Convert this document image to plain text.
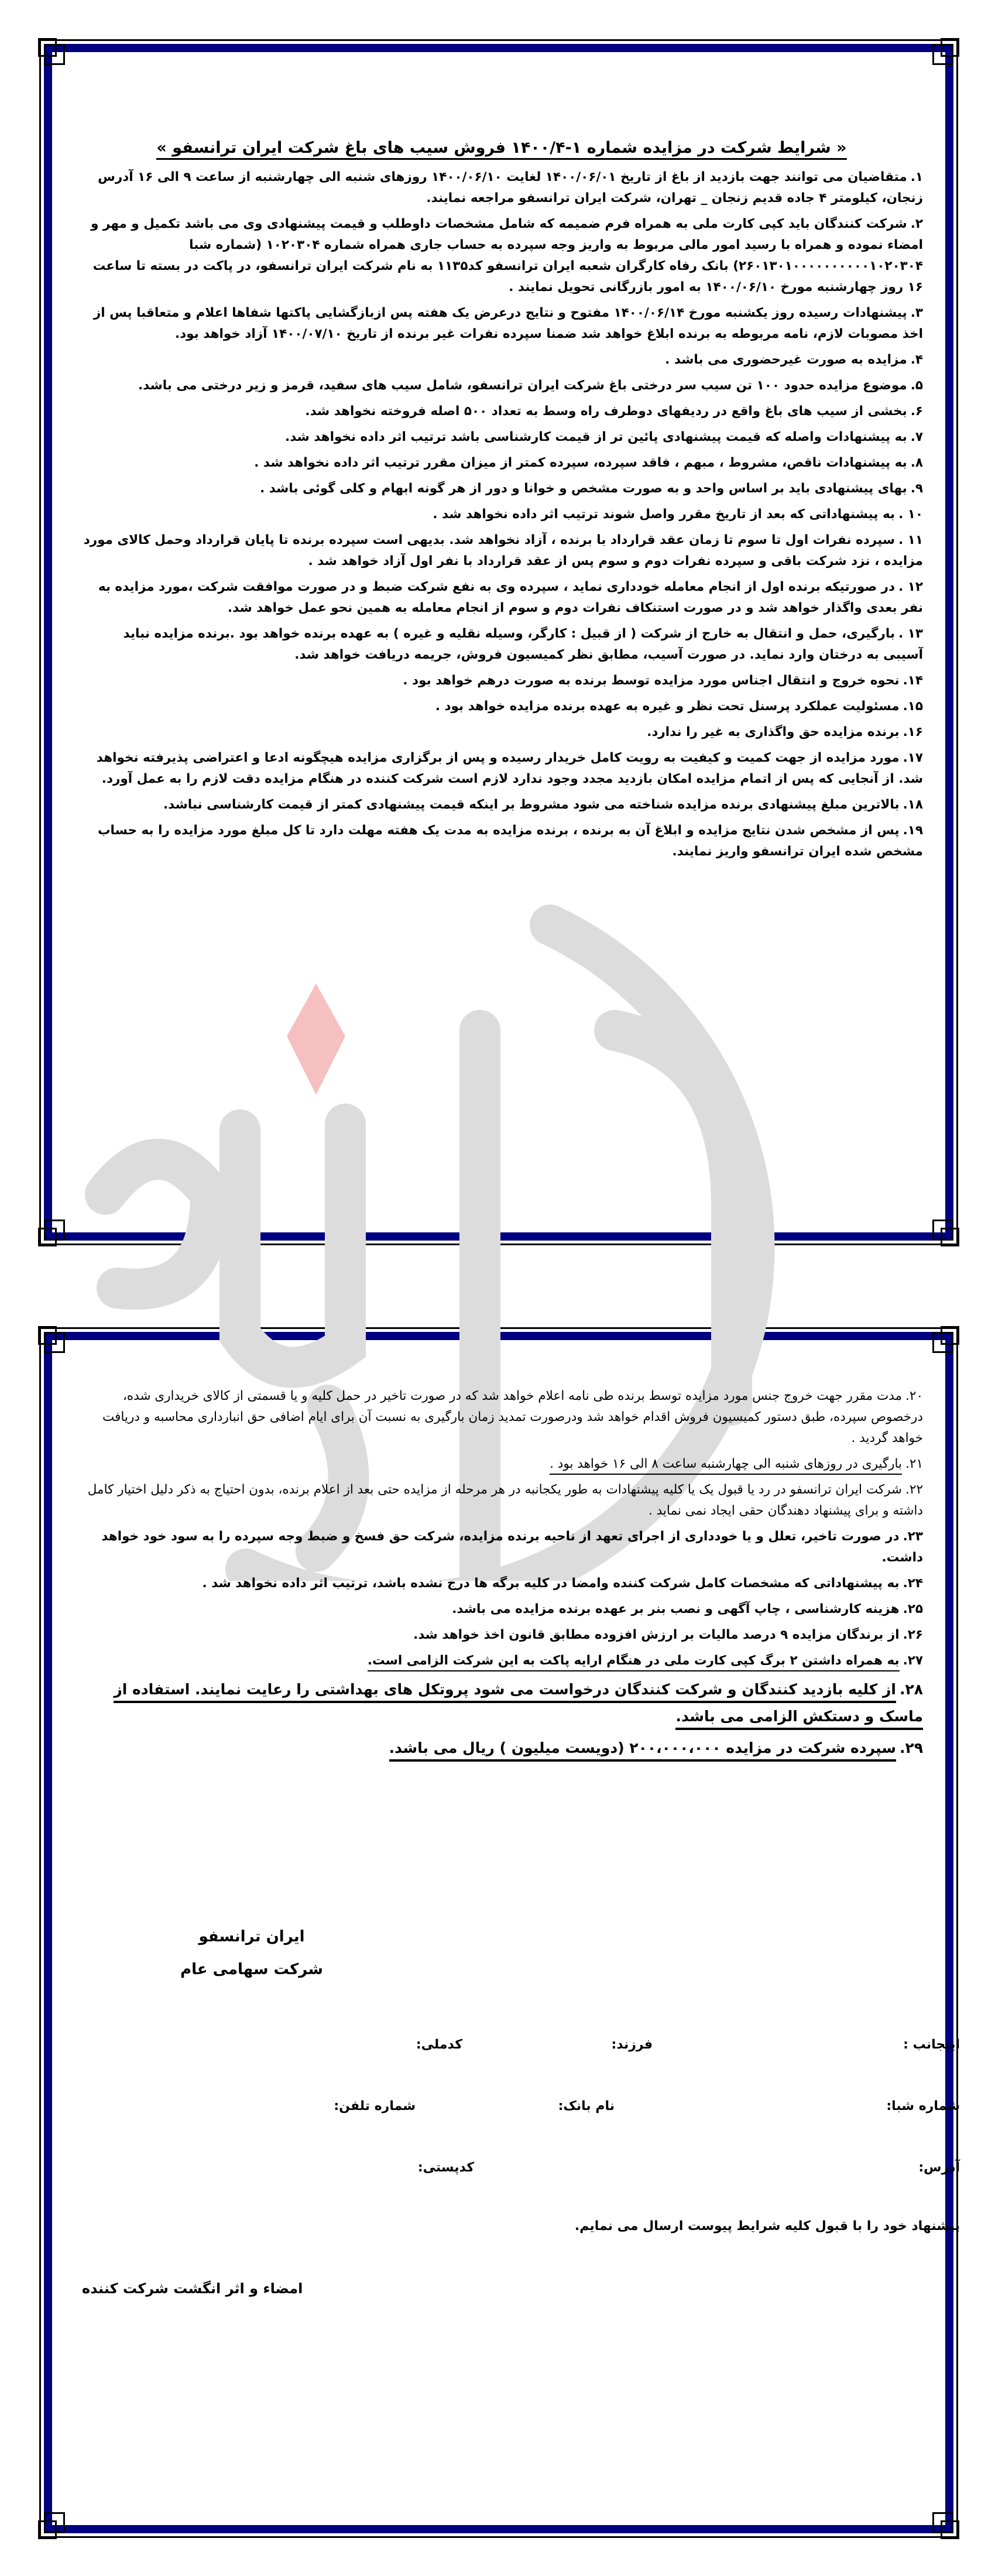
« شرایط شرکت در مزایده شماره ۱-۱۴۰۰/۴ فروش سیب های باغ شرکت ایران ترانسفو »

۱.متقاضیان می توانند جهت بازدید از باغ از تاریخ ۱۴۰۰/۰۶/۰۱ لغایت ۱۴۰۰/۰۶/۱۰ روزهای شنبه الی چهارشنبه از ساعت ۹ الی ۱۶ آدرس زنجان، کیلومتر ۴ جاده قدیم زنجان _ تهران، شرکت ایران ترانسفو مراجعه نمایند.

۲.شرکت کنندگان باید کپی کارت ملی به همراه فرم ضمیمه که شامل مشخصات داوطلب و قیمت پیشنهادی وی می باشد تکمیل و مهر و امضاء نموده و همراه با رسید امور مالی مربوط به واریز وجه سپرده به حساب جاری همراه شماره ۱۰۲۰۳۰۴ (شماره شبا ۲۶۰۱۳۰۱۰۰۰۰۰۰۰۰۰۰۱۰۲۰۳۰۴) بانک رفاه کارگران شعبه ایران ترانسفو کد۱۱۳۵ به نام شرکت ایران ترانسفو، در پاکت در بسته تا ساعت ۱۶ روز چهارشنبه مورخ ۱۴۰۰/۰۶/۱۰ به امور بازرگانی تحویل نمایند .

۳.پیشنهادات رسیده روز یکشنبه مورخ ۱۴۰۰/۰۶/۱۴ مفتوح و نتایج درعرض یک هفته پس ازبازگشایی پاکتها شفاها اعلام و متعاقبا پس از اخذ مصوبات لازم، نامه مربوطه به برنده ابلاغ خواهد شد ضمنا سپرده نفرات غیر برنده از تاریخ ۱۴۰۰/۰۷/۱۰ آزاد خواهد بود.

۴.مزایده به صورت غیرحضوری می باشد .

۵.موضوع مزایده حدود ۱۰۰ تن سیب سر درختی باغ شرکت ایران ترانسفو، شامل سیب های سفید، قرمز و زیر درختی می باشد.

۶.بخشی از سیب های باغ واقع در ردیفهای دوطرف راه وسط به تعداد ۵۰۰ اصله فروخته نخواهد شد.

۷.به پیشنهادات واصله که قیمت پیشنهادی پائین تر از قیمت کارشناسی باشد ترتیب اثر داده نخواهد شد.

۸.به پیشنهادات ناقص، مشروط ، مبهم ، فاقد سپرده، سپرده کمتر از میزان مقرر ترتیب اثر داده نخواهد شد .

۹.بهای پیشنهادی باید بر اساس واحد و به صورت مشخص و خوانا و دور از هر گونه ابهام و کلی گوئی باشد .

۱۰ .به پیشنهاداتی که بعد از تاریخ مقرر واصل شوند ترتیب اثر داده نخواهد شد .

۱۱ .سپرده نفرات اول تا سوم تا زمان عقد قرارداد با برنده ، آزاد نخواهد شد. بدیهی است سپرده برنده تا پایان قرارداد وحمل کالای مورد مزایده ، نزد شرکت باقی و سپرده نفرات دوم و سوم پس از عقد قرارداد با نفر اول آزاد خواهد شد .

۱۲ .در صورتیکه برنده اول از انجام معامله خودداری نماید ، سپرده وی به نفع شرکت ضبط و در صورت موافقت شرکت ،مورد مزایده به نفر بعدی واگذار خواهد شد و در صورت استنکاف نفرات دوم و سوم از انجام معامله به همین نحو عمل خواهد شد.

۱۳ .بارگیری، حمل و انتقال به خارج از شرکت ( از قبیل : کارگر، وسیله نقلیه و غیره ) به عهده برنده خواهد بود .برنده مزایده نباید آسیبی به درختان وارد نماید. در صورت آسیب، مطابق نظر کمیسیون فروش، جریمه دریافت خواهد شد.

۱۴.نحوه خروج و انتقال اجناس مورد مزایده توسط برنده به صورت درهم خواهد بود .

۱۵.مسئولیت عملکرد پرسنل تحت نظر و غیره به عهده برنده مزایده خواهد بود .

۱۶.برنده مزایده حق واگذاری به غیر را ندارد.

۱۷.مورد مزایده از جهت کمیت و کیفیت به رویت کامل خریدار رسیده و پس از برگزاری مزایده هیچگونه ادعا و اعتراضی پذیرفته نخواهد شد. از آنجایی که پس از اتمام مزایده امکان بازدید مجدد وجود ندارد لازم است شرکت کننده در هنگام مزایده دقت لازم را به عمل آورد.

۱۸.بالاترین مبلغ پیشنهادی برنده مزایده شناخته می شود مشروط بر اینکه قیمت پیشنهادی کمتر از قیمت کارشناسی نباشد.

۱۹.پس از مشخص شدن نتایج مزایده و ابلاغ آن به برنده ، برنده مزایده به مدت یک هفته مهلت دارد تا کل مبلغ مورد مزایده را به حساب مشخص شده ایران ترانسفو واریز نمایند.

۲۰.مدت مقرر جهت خروج جنس مورد مزایده توسط برنده طی نامه اعلام خواهد شد که در صورت تاخیر در حمل کلیه و یا قسمتی از کالای خریداری شده، درخصوص سپرده، طبق دستور کمیسیون فروش اقدام خواهد شد ودرصورت تمدید زمان بارگیری به نسبت آن برای ایام اضافی حق انبارداری محاسبه و دریافت خواهد گردید .

۲۱.بارگیری در روزهای شنبه الی چهارشنبه ساعت ۸ الی ۱۶ خواهد بود .

۲۲.شرکت ایران ترانسفو در رد یا قبول یک یا کلیه پیشنهادات به طور یکجانبه در هر مرحله از مزایده حتی بعد از اعلام برنده، بدون احتیاج به ذکر دلیل اختیار کامل داشته و برای پیشنهاد دهندگان حقی ایجاد نمی نماید .

۲۳.در صورت تاخیر، تعلل و یا خودداری از اجرای تعهد از ناحیه برنده مزایده، شرکت حق فسخ و ضبط وجه سپرده را به سود خود خواهد داشت.

۲۴.به پیشنهاداتی که مشخصات کامل شرکت کننده وامضا در کلیه برگه ها درج نشده باشد، ترتیب اثر داده نخواهد شد .

۲۵.هزینه کارشناسی ، چاپ آگهی و نصب بنر بر عهده برنده مزایده می باشد.

۲۶.از برندگان مزایده ۹ درصد مالیات بر ارزش افزوده مطابق قانون اخذ خواهد شد.

۲۷.به همراه داشتن ۲ برگ کپی کارت ملی در هنگام ارایه پاکت به این شرکت الزامی است.

۲۸.از کلیه بازدید کنندگان و شرکت کنندگان درخواست می شود پروتکل های بهداشتی را رعایت نمایند. استفاده از ماسک و دستکش الزامی می باشد.

۲۹.سپرده شرکت در مزایده ۲۰۰،۰۰۰،۰۰۰ (دویست میلیون ) ریال می باشد.

ایران ترانسفو
شرکت سهامی عام
اینجانب :
فرزند:
کدملی:
شماره شبا:
نام بانک:
شماره تلفن:
آدرس:
کدپستی:
پیشنهاد خود را با قبول کلیه شرایط پیوست ارسال می نمایم.
امضاء و اثر انگشت شرکت کننده
